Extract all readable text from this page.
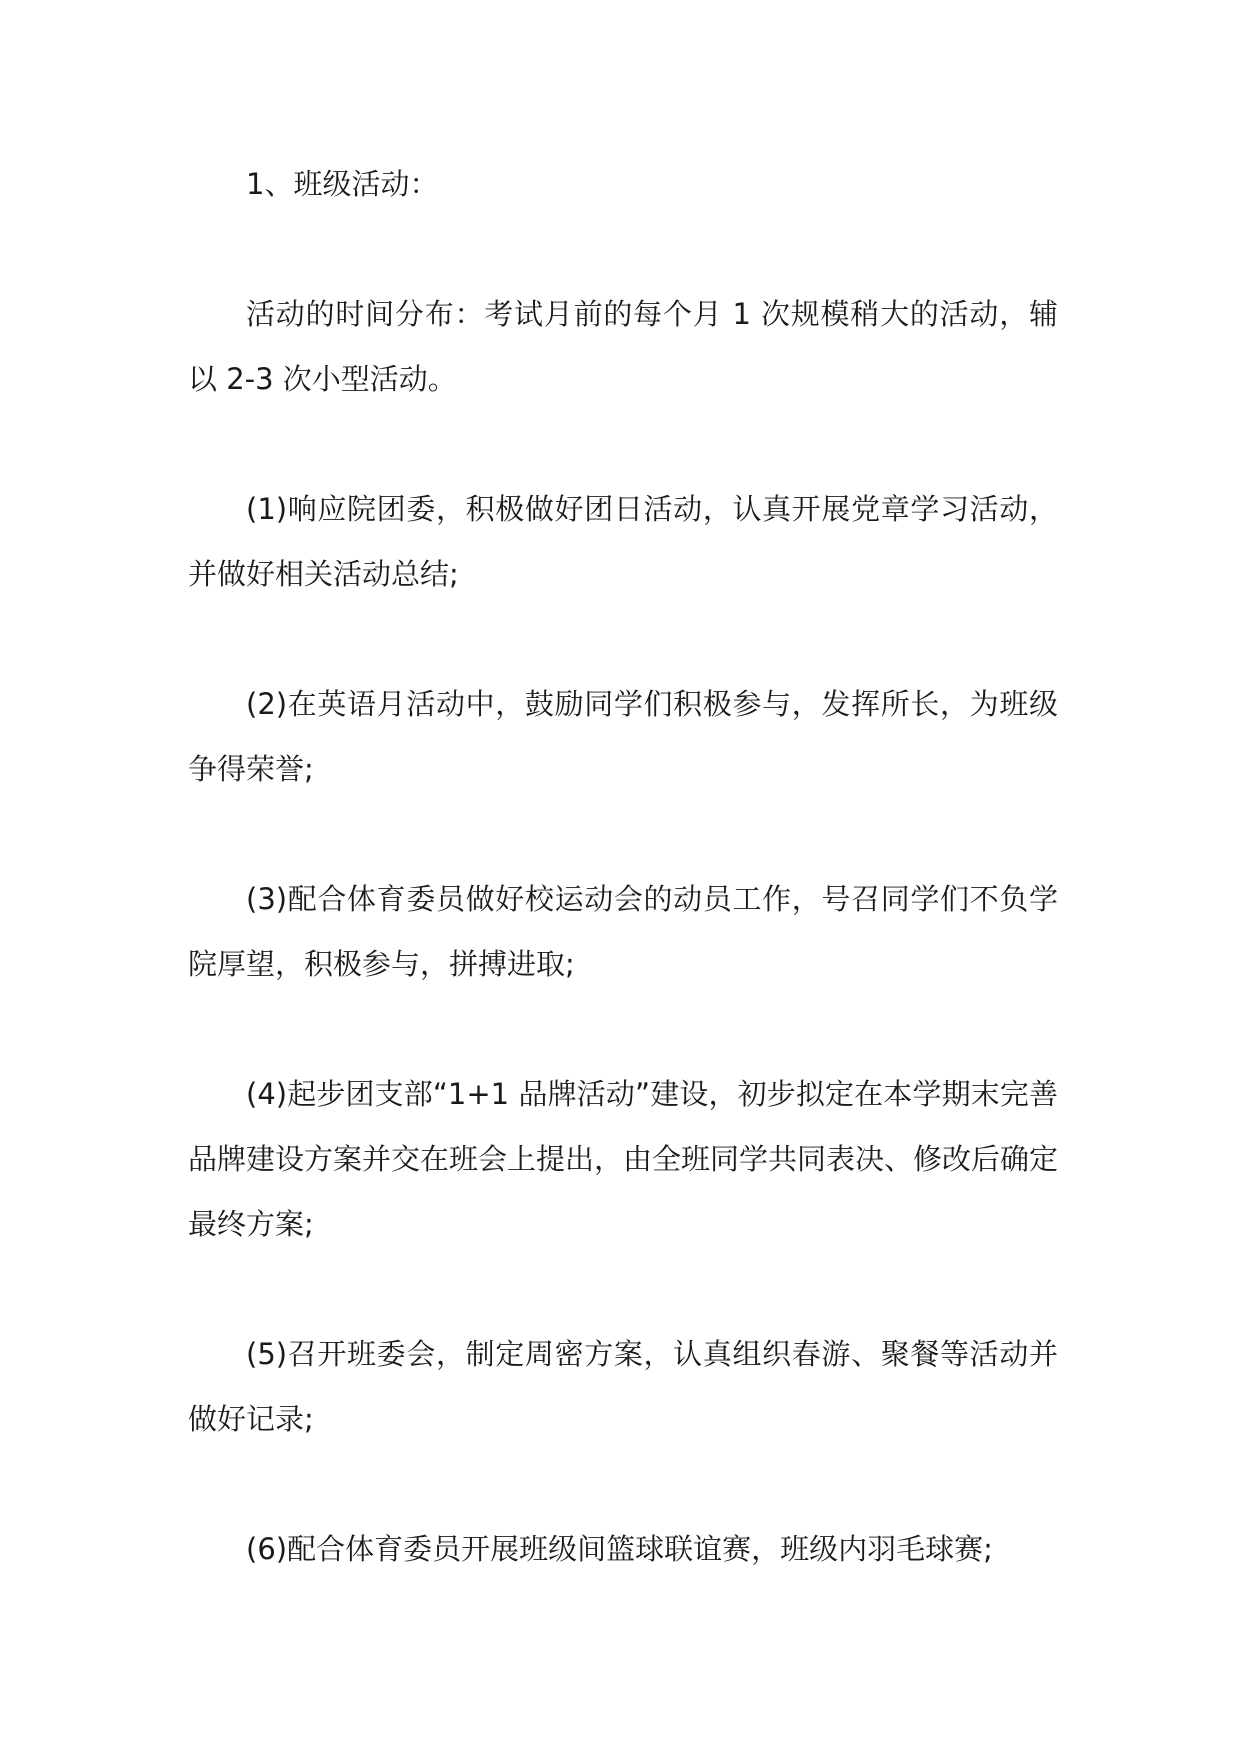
1、班级活动：

活动的时间分布：考试月前的每个月 1 次规模稍大的活动，辅以 2-3 次小型活动。

(1)响应院团委，积极做好团日活动，认真开展党章学习活动，并做好相关活动总结;

(2)在英语月活动中，鼓励同学们积极参与，发挥所长，为班级争得荣誉;

(3)配合体育委员做好校运动会的动员工作，号召同学们不负学院厚望，积极参与，拼搏进取;

(4)起步团支部“1+1 品牌活动”建设，初步拟定在本学期末完善品牌建设方案并交在班会上提出，由全班同学共同表决、修改后确定最终方案;

(5)召开班委会，制定周密方案，认真组织春游、聚餐等活动并做好记录;

(6)配合体育委员开展班级间篮球联谊赛，班级内羽毛球赛;
